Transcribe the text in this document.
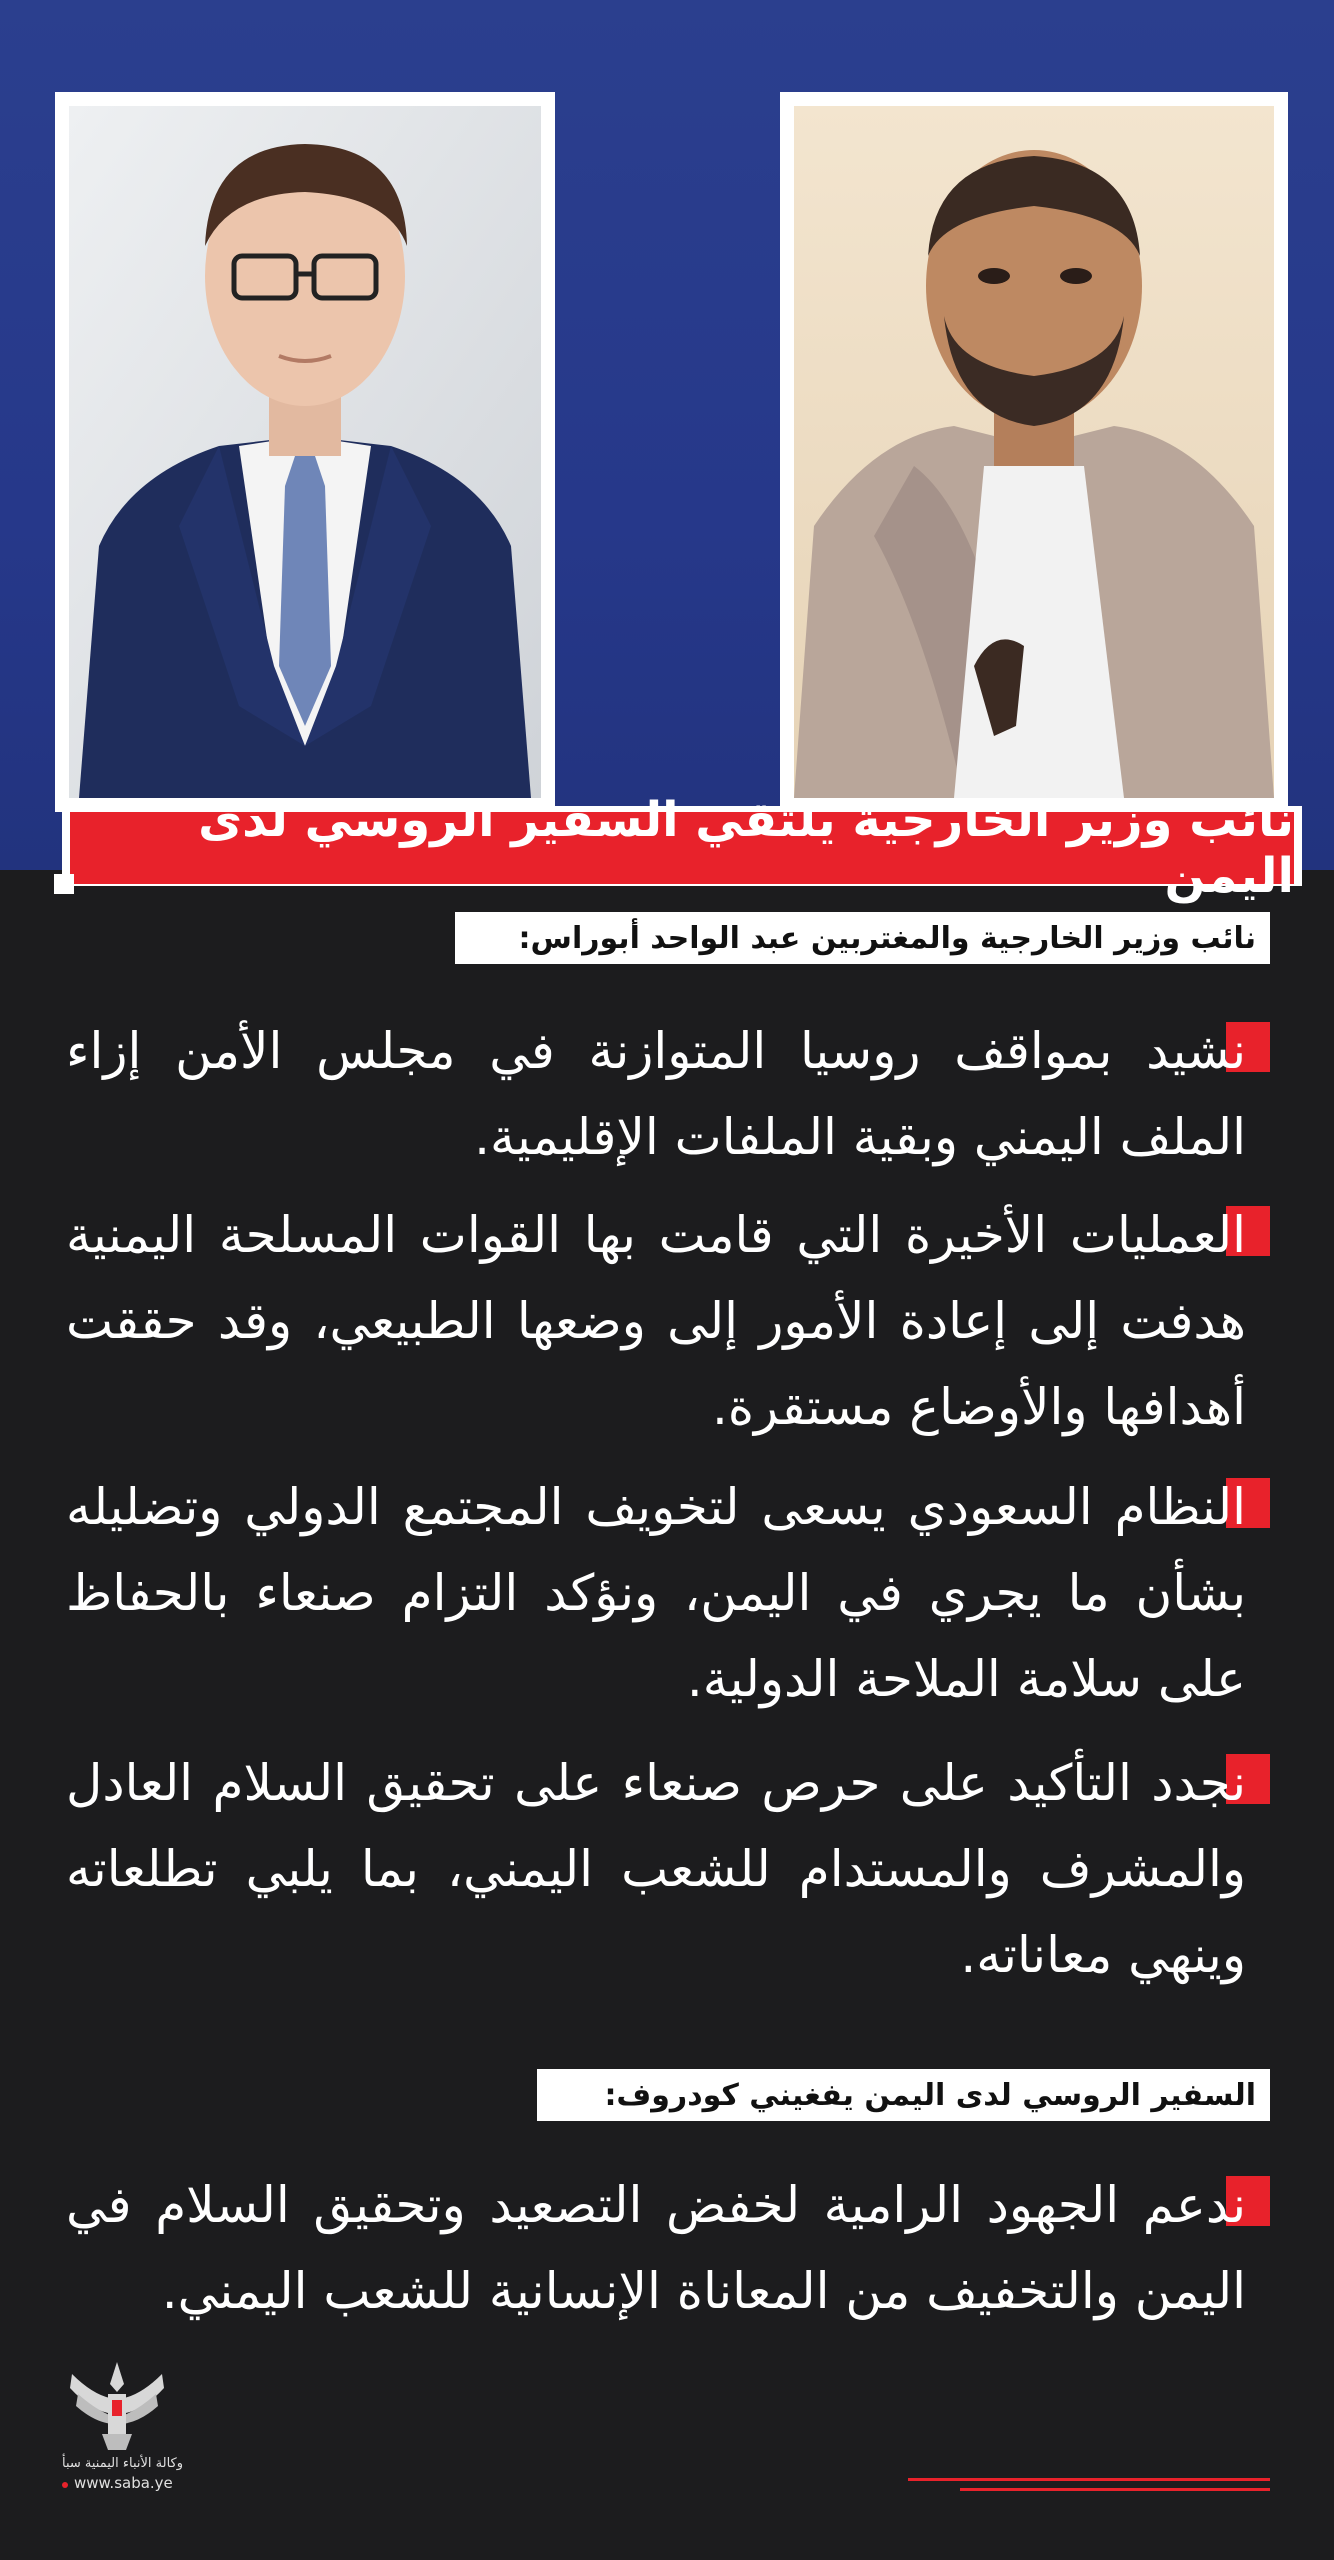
نائب وزير الخارجية يلتقي السفير الروسي لدى اليمن
نائب وزير الخارجية والمغتربين عبد الواحد أبوراس:
نشيد بمواقف روسيا المتوازنة في مجلس الأمن إزاء الملف اليمني وبقية الملفات الإقليمية.
العمليات الأخيرة التي قامت بها القوات المسلحة اليمنية هدفت إلى إعادة الأمور إلى وضعها الطبيعي، وقد حققت أهدافها والأوضاع مستقرة.
النظام السعودي يسعى لتخويف المجتمع الدولي وتضليله بشأن ما يجري في اليمن، ونؤكد التزام صنعاء بالحفاظ على سلامة الملاحة الدولية.
نجدد التأكيد على حرص صنعاء على تحقيق السلام العادل والمشرف والمستدام للشعب اليمني، بما يلبي تطلعاته وينهي معاناته.
السفير الروسي لدى اليمن يفغيني كودروف:
ندعم الجهود الرامية لخفض التصعيد وتحقيق السلام في اليمن والتخفيف من المعاناة الإنسانية للشعب اليمني.
وكالة الأنباء اليمنية سبأ
www.saba.ye
